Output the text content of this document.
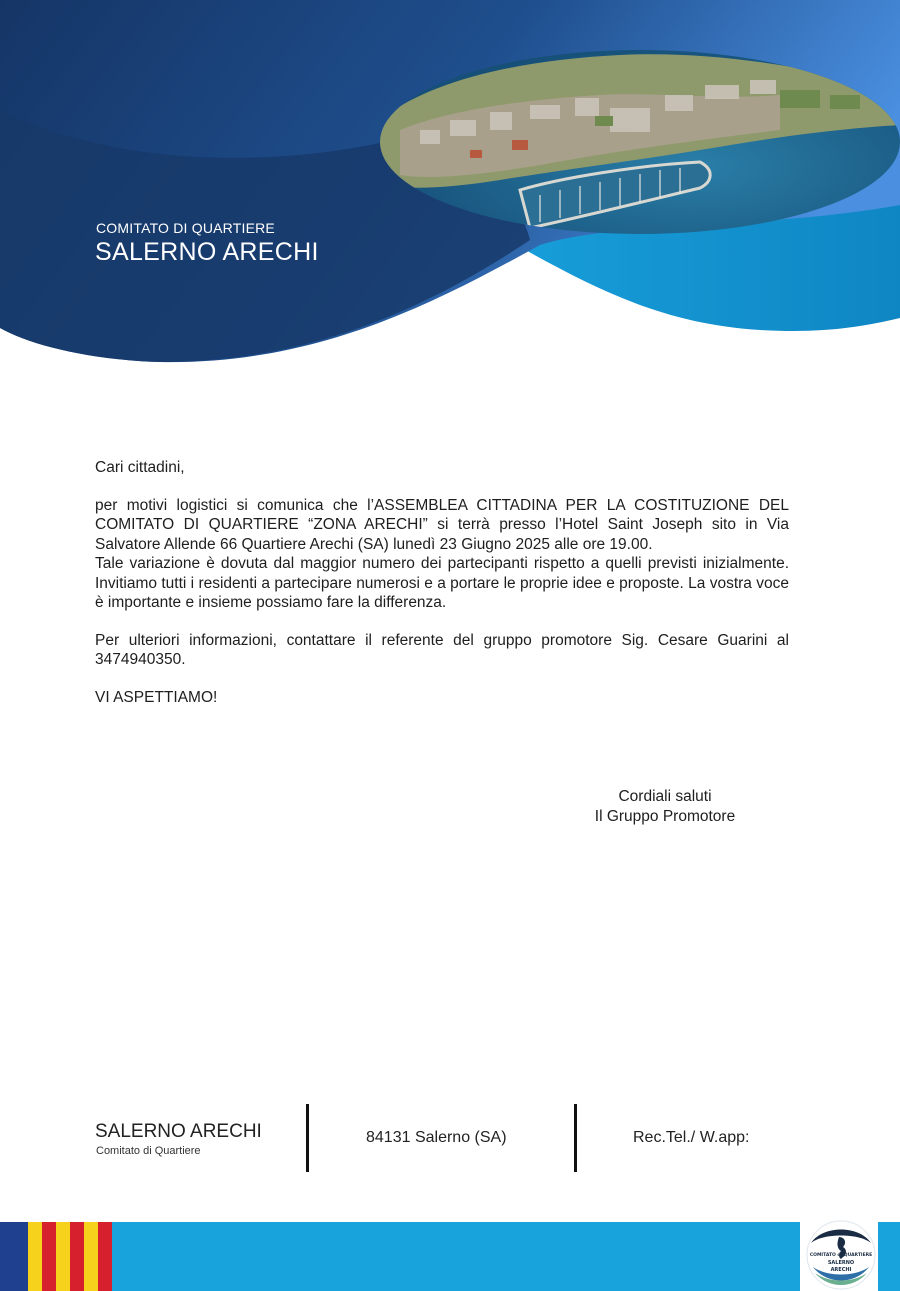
COMITATO DI QUARTIERE
SALERNO ARECHI

Cari cittadini,

per motivi logistici si comunica che l’ASSEMBLEA CITTADINA PER LA COSTITUZIONE DEL COMITATO DI QUARTIERE “ZONA ARECHI” si terrà presso l’Hotel Saint Joseph sito in Via Salvatore Allende 66 Quartiere Arechi (SA) lunedì 23 Giugno 2025 alle ore 19.00.

Tale variazione è dovuta dal maggior numero dei partecipanti rispetto a quelli previsti inizialmente. Invitiamo tutti i residenti a partecipare numerosi e a portare le proprie idee e proposte. La vostra voce è importante e insieme possiamo fare la differenza.

Per ulteriori informazioni, contattare il referente del gruppo promotore Sig. Cesare Guarini al 3474940350.

VI ASPETTIAMO!

Cordiali saluti
Il Gruppo Promotore
SALERNO ARECHI
Comitato di Quartiere
84131 Salerno (SA)	Rec.Tel./ W.app:
COMITATO di QUARTIERE
SALERNO
ARECHI
